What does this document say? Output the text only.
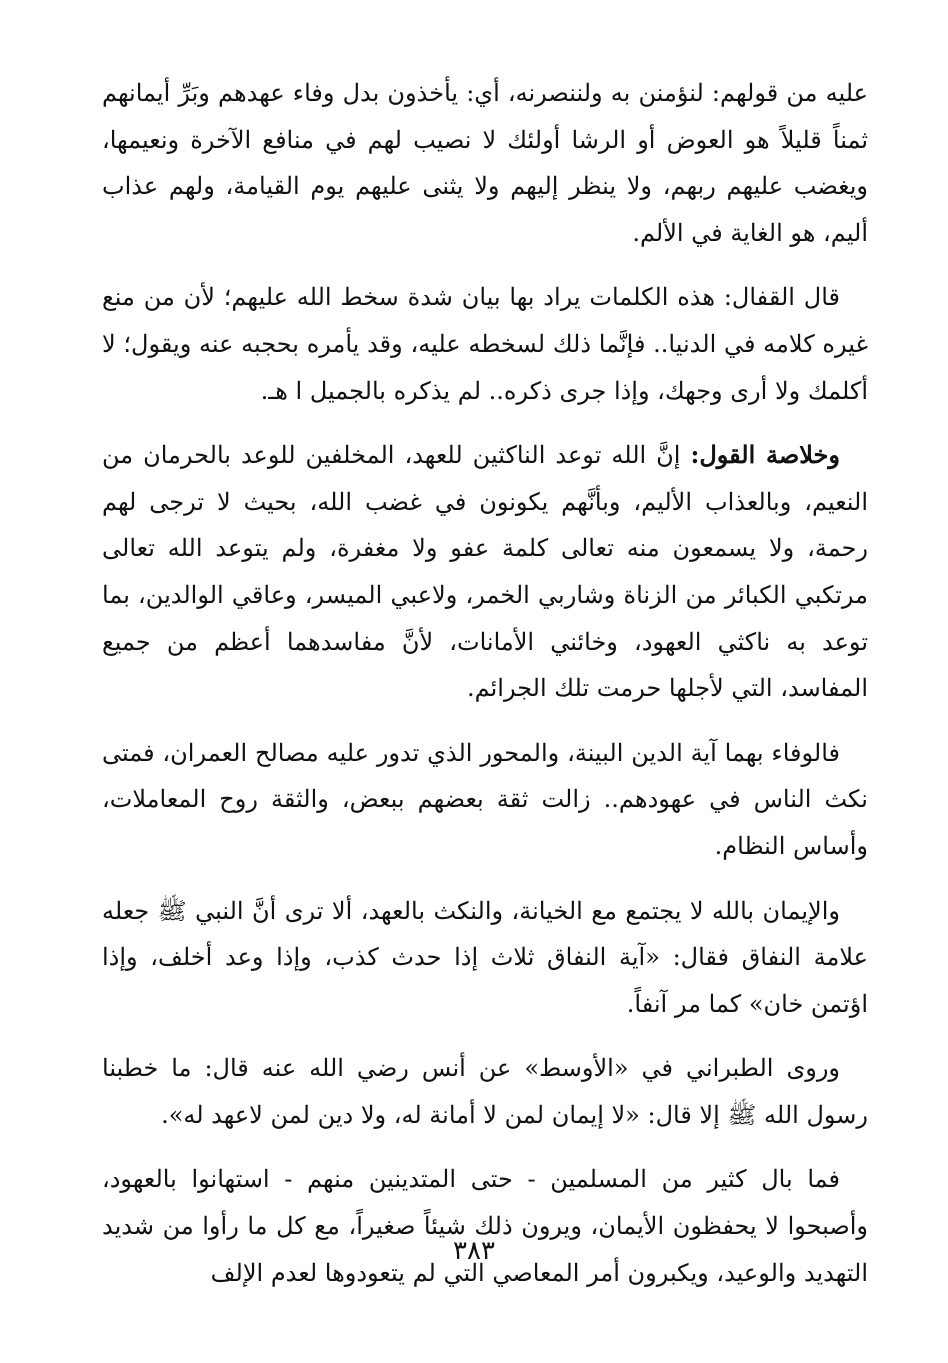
عليه من قولهم: لنؤمنن به ولننصرنه، أي: يأخذون بدل وفاء عهدهم وبَرِّ أيمانهم ثمناً قليلاً هو العوض أو الرشا أولئك لا نصيب لهم في منافع الآخرة ونعيمها، ويغضب عليهم ربهم، ولا ينظر إليهم ولا يثنى عليهم يوم القيامة، ولهم عذاب أليم، هو الغاية في الألم.

قال القفال: هذه الكلمات يراد بها بيان شدة سخط الله عليهم؛ لأن من منع غيره كلامه في الدنيا.. فإنَّما ذلك لسخطه عليه، وقد يأمره بحجبه عنه ويقول؛ لا أكلمك ولا أرى وجهك، وإذا جرى ذكره.. لم يذكره بالجميل ا هـ.

وخلاصة القول: إنَّ الله توعد الناكثين للعهد، المخلفين للوعد بالحرمان من النعيم، وبالعذاب الأليم، وبأنَّهم يكونون في غضب الله، بحيث لا ترجى لهم رحمة، ولا يسمعون منه تعالى كلمة عفو ولا مغفرة، ولم يتوعد الله تعالى مرتكبي الكبائر من الزناة وشاربي الخمر، ولاعبي الميسر، وعاقي الوالدين، بما توعد به ناكثي العهود، وخائني الأمانات، لأنَّ مفاسدهما أعظم من جميع المفاسد، التي لأجلها حرمت تلك الجرائم.

فالوفاء بهما آية الدين البينة، والمحور الذي تدور عليه مصالح العمران، فمتى نكث الناس في عهودهم.. زالت ثقة بعضهم ببعض، والثقة روح المعاملات، وأساس النظام.

والإيمان بالله لا يجتمع مع الخيانة، والنكث بالعهد، ألا ترى أنَّ النبي ﷺ جعله علامة النفاق فقال: «آية النفاق ثلاث إذا حدث كذب، وإذا وعد أخلف، وإذا اؤتمن خان» كما مر آنفاً.

وروى الطبراني في «الأوسط» عن أنس رضي الله عنه قال: ما خطبنا رسول الله ﷺ إلا قال: «لا إيمان لمن لا أمانة له، ولا دين لمن لاعهد له».

فما بال كثير من المسلمين - حتى المتدينين منهم - استهانوا بالعهود، وأصبحوا لا يحفظون الأيمان، ويرون ذلك شيئاً صغيراً، مع كل ما رأوا من شديد التهديد والوعيد، ويكبرون أمر المعاصي التي لم يتعودوها لعدم الإلف

٣٨٣
